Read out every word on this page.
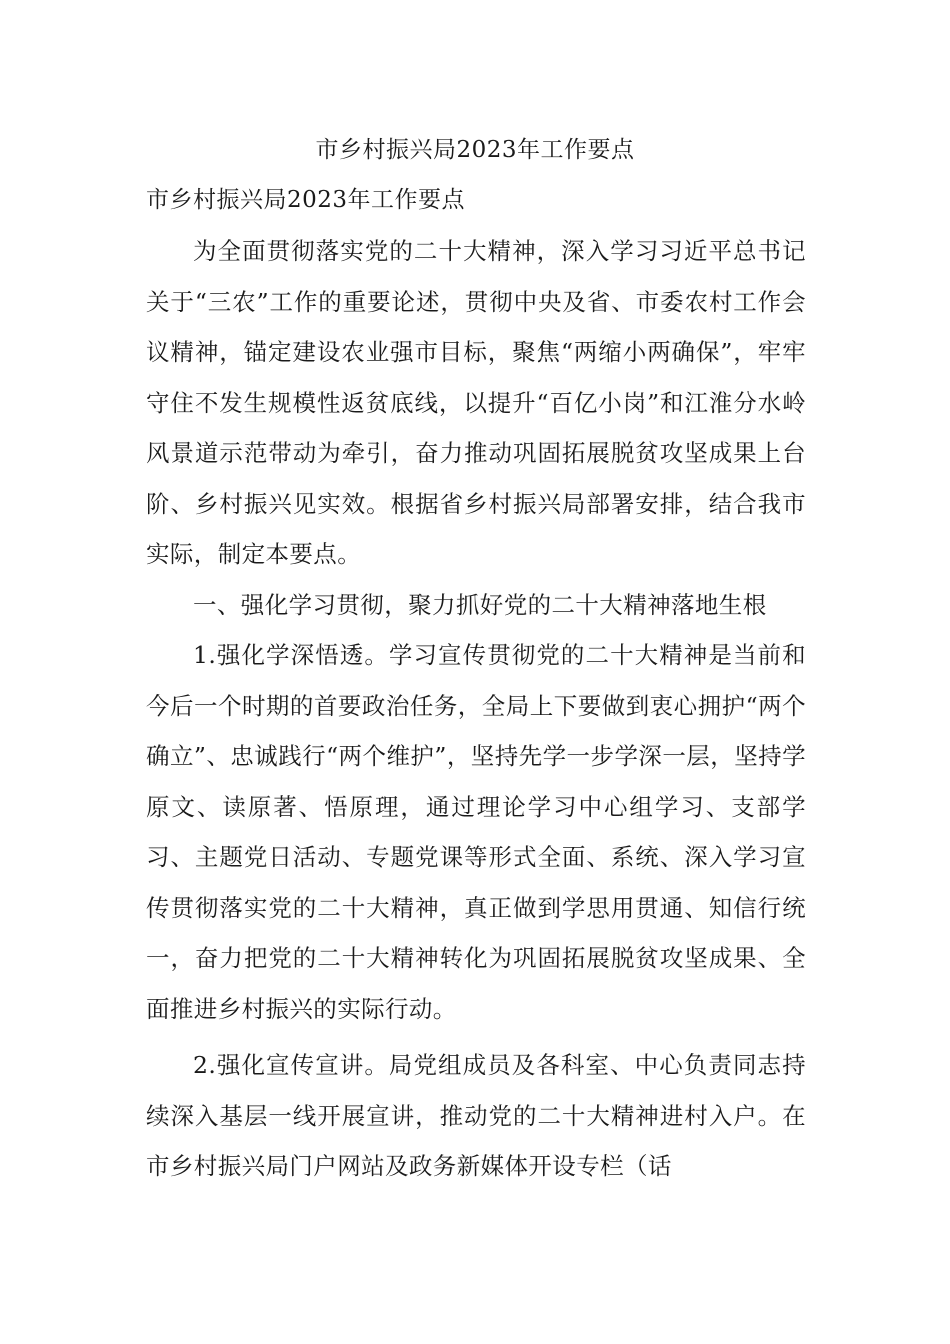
市乡村振兴局2023年工作要点
市乡村振兴局2023年工作要点

为全面贯彻落实党的二十大精神，深入学习习近平总书记关于“三农”工作的重要论述，贯彻中央及省、市委农村工作会议精神，锚定建设农业强市目标，聚焦“两缩小两确保”，牢牢守住不发生规模性返贫底线，以提升“百亿小岗”和江淮分水岭风景道示范带动为牵引，奋力推动巩固拓展脱贫攻坚成果上台阶、乡村振兴见实效。根据省乡村振兴局部署安排，结合我市实际，制定本要点。

一、强化学习贯彻，聚力抓好党的二十大精神落地生根

1.强化学深悟透。学习宣传贯彻党的二十大精神是当前和今后一个时期的首要政治任务，全局上下要做到衷心拥护“两个确立”、忠诚践行“两个维护”，坚持先学一步学深一层，坚持学原文、读原著、悟原理，通过理论学习中心组学习、支部学习、主题党日活动、专题党课等形式全面、系统、深入学习宣传贯彻落实党的二十大精神，真正做到学思用贯通、知信行统一，奋力把党的二十大精神转化为巩固拓展脱贫攻坚成果、全面推进乡村振兴的实际行动。

2.强化宣传宣讲。局党组成员及各科室、中心负责同志持续深入基层一线开展宣讲，推动党的二十大精神进村入户。在市乡村振兴局门户网站及政务新媒体开设专栏（话
